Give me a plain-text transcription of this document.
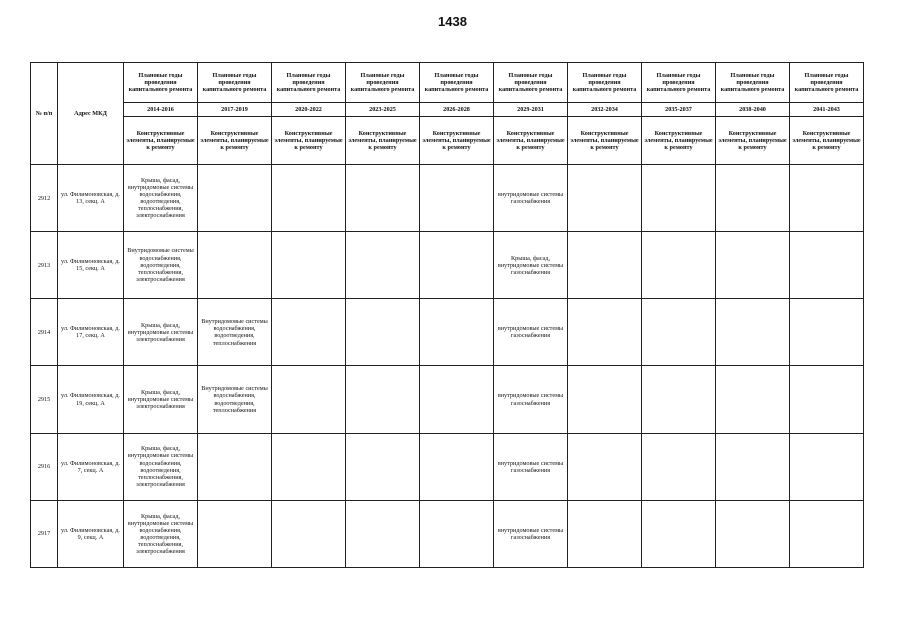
1438
№ п/п	Адрес МКД	Плановые годы проведения капитального ремонта	Плановые годы проведения капитального ремонта	Плановые годы проведения капитального ремонта	Плановые годы проведения капитального ремонта	Плановые годы проведения капитального ремонта	Плановые годы проведения капитального ремонта	Плановые годы проведения капитального ремонта	Плановые годы проведения капитального ремонта	Плановые годы проведения капитального ремонта	Плановые годы проведения капитального ремонта
		2014-2016	2017-2019	2020-2022	2023-2025	2026-2028	2029-2031	2032-2034	2035-2037	2038-2040	2041-2043
		Конструктивные элементы, планируемые к ремонту	Конструктивные элементы, планируемые к ремонту	Конструктивные элементы, планируемые к ремонту	Конструктивные элементы, планируемые к ремонту	Конструктивные элементы, планируемые к ремонту	Конструктивные элементы, планируемые к ремонту	Конструктивные элементы, планируемые к ремонту	Конструктивные элементы, планируемые к ремонту	Конструктивные элементы, планируемые к ремонту	Конструктивные элементы, планируемые к ремонту
2912	ул. Филимоновская, д. 13, секц. А	Крыша, фасад, внутридомовые системы водоснабжения, водоотведения, теплоснабжения, электроснабжения					внутридомовые системы газоснабжения				
2913	ул. Филимоновская, д. 15, секц. А	Внутридомовые системы водоснабжения, водоотведения, теплоснабжения, электроснабжения					Крыша, фасад, внутридомовые системы газоснабжения				
2914	ул. Филимоновская, д. 17, секц. А	Крыша, фасад, внутридомовые системы электроснабжения	Внутридомовые системы водоснабжения, водоотведения, теплоснабжения				внутридомовые системы газоснабжения				
2915	ул. Филимоновская, д. 19, секц. А	Крыша, фасад, внутридомовые системы электроснабжения	Внутридомовые системы водоснабжения, водоотведения, теплоснабжения				внутридомовые системы газоснабжения				
2916	ул. Филимоновская, д. 7, секц. А	Крыша, фасад, внутридомовые системы водоснабжения, водоотведения, теплоснабжения, электроснабжения					внутридомовые системы газоснабжения				
2917	ул. Филимоновская, д. 9, секц. А	Крыша, фасад, внутридомовые системы водоснабжения, водоотведения, теплоснабжения, электроснабжения					внутридомовые системы газоснабжения				
